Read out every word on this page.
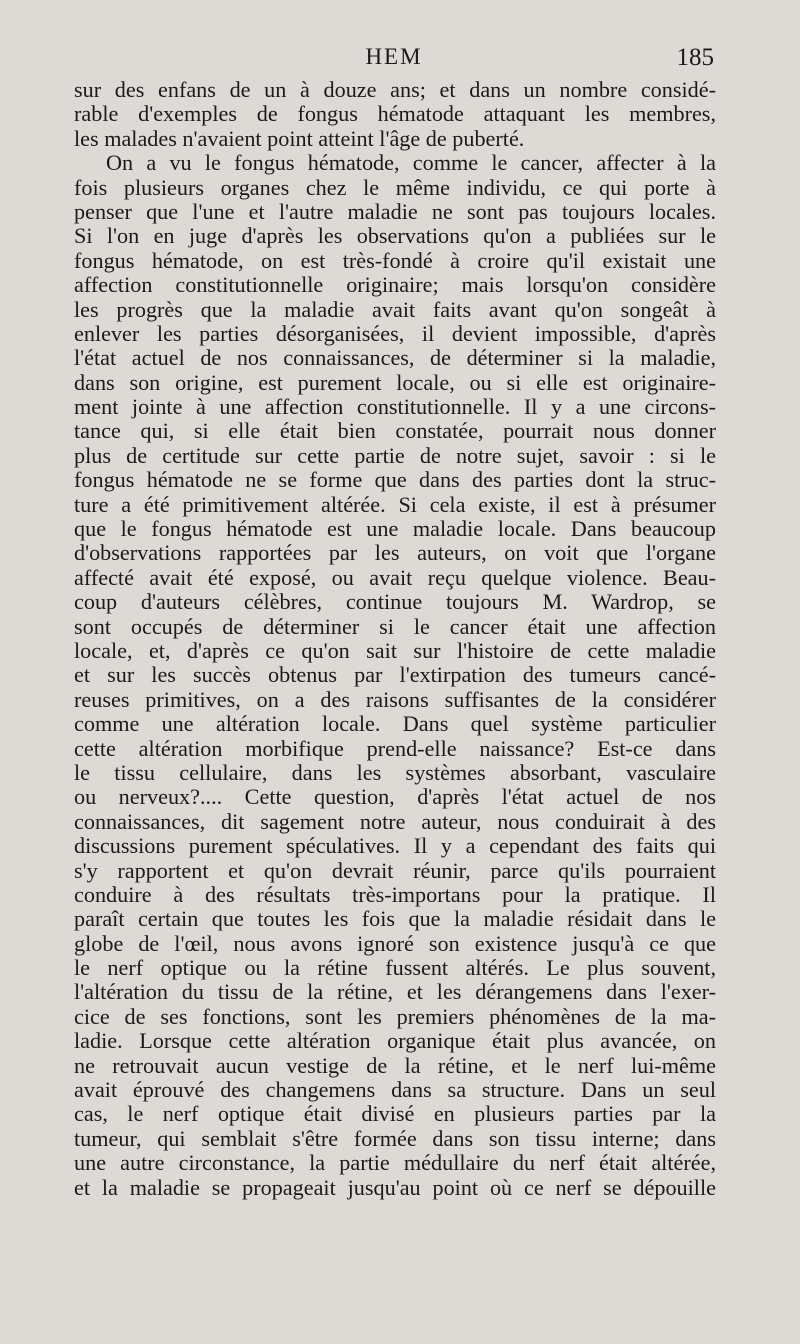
HEM	185
sur des enfans de un à douze ans; et dans un nombre considé-
rable d'exemples de fongus hématode attaquant les membres,
les malades n'avaient point atteint l'âge de puberté.
On a vu le fongus hématode, comme le cancer, affecter à la
fois plusieurs organes chez le même individu, ce qui porte à
penser que l'une et l'autre maladie ne sont pas toujours locales.
Si l'on en juge d'après les observations qu'on a publiées sur le
fongus hématode, on est très-fondé à croire qu'il existait une
affection constitutionnelle originaire; mais lorsqu'on considère
les progrès que la maladie avait faits avant qu'on songeât à
enlever les parties désorganisées, il devient impossible, d'après
l'état actuel de nos connaissances, de déterminer si la maladie,
dans son origine, est purement locale, ou si elle est originaire-
ment jointe à une affection constitutionnelle. Il y a une circons-
tance qui, si elle était bien constatée, pourrait nous donner
plus de certitude sur cette partie de notre sujet, savoir : si le
fongus hématode ne se forme que dans des parties dont la struc-
ture a été primitivement altérée. Si cela existe, il est à présumer
que le fongus hématode est une maladie locale. Dans beaucoup
d'observations rapportées par les auteurs, on voit que l'organe
affecté avait été exposé, ou avait reçu quelque violence. Beau-
coup d'auteurs célèbres, continue toujours M. Wardrop, se
sont occupés de déterminer si le cancer était une affection
locale, et, d'après ce qu'on sait sur l'histoire de cette maladie
et sur les succès obtenus par l'extirpation des tumeurs cancé-
reuses primitives, on a des raisons suffisantes de la considérer
comme une altération locale. Dans quel système particulier
cette altération morbifique prend-elle naissance? Est-ce dans
le tissu cellulaire, dans les systèmes absorbant, vasculaire
ou nerveux?.... Cette question, d'après l'état actuel de nos
connaissances, dit sagement notre auteur, nous conduirait à des
discussions purement spéculatives. Il y a cependant des faits qui
s'y rapportent et qu'on devrait réunir, parce qu'ils pourraient
conduire à des résultats très-importans pour la pratique. Il
paraît certain que toutes les fois que la maladie résidait dans le
globe de l'œil, nous avons ignoré son existence jusqu'à ce que
le nerf optique ou la rétine fussent altérés. Le plus souvent,
l'altération du tissu de la rétine, et les dérangemens dans l'exer-
cice de ses fonctions, sont les premiers phénomènes de la ma-
ladie. Lorsque cette altération organique était plus avancée, on
ne retrouvait aucun vestige de la rétine, et le nerf lui-même
avait éprouvé des changemens dans sa structure. Dans un seul
cas, le nerf optique était divisé en plusieurs parties par la
tumeur, qui semblait s'être formée dans son tissu interne; dans
une autre circonstance, la partie médullaire du nerf était altérée,
et la maladie se propageait jusqu'au point où ce nerf se dépouille
